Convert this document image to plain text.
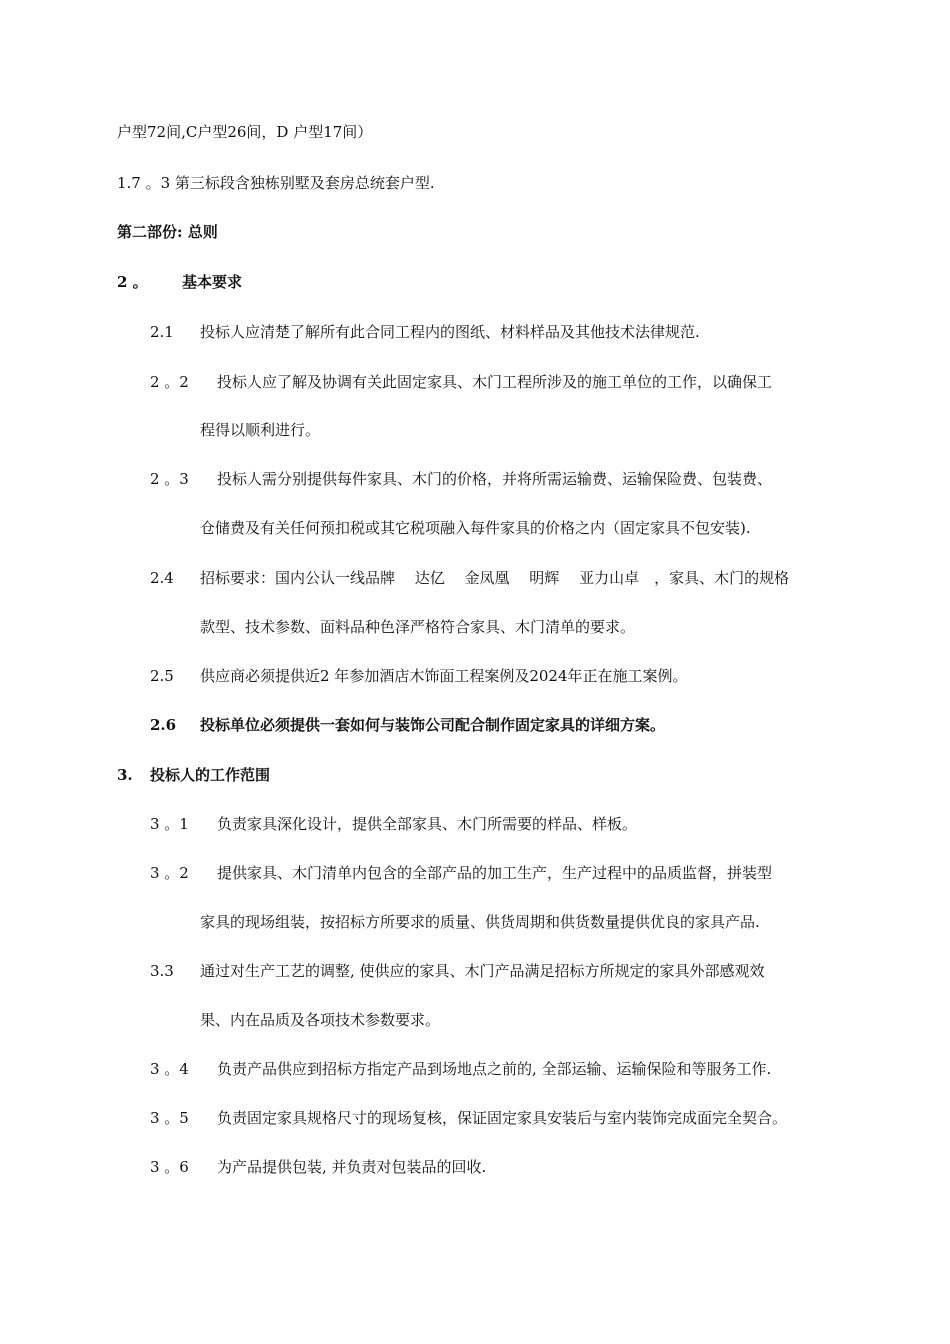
户型72间,C户型26间，D 户型17间）
1.7 。3 第三标段含独栋别墅及套房总统套户型.
第二部份: 总则
2 。 基本要求
2.1 投标人应清楚了解所有此合同工程内的图纸、材料样品及其他技术法律规范.
2 。2 投标人应了解及协调有关此固定家具、木门工程所涉及的施工单位的工作，以确保工
程得以顺利进行。
2 。3 投标人需分别提供每件家具、木门的价格，并将所需运输费、运输保险费、包装费、
仓储费及有关任何预扣税或其它税项融入每件家具的价格之内（固定家具不包安装).
2.4 招标要求：国内公认一线品牌　 达亿　 金凤凰　 明辉　 亚力山卓　，家具、木门的规格
款型、技术参数、面料品种色泽严格符合家具、木门清单的要求。
2.5 供应商必须提供近2 年参加酒店木饰面工程案例及2024年正在施工案例。
2.6 投标单位必须提供一套如何与装饰公司配合制作固定家具的详细方案。
3. 投标人的工作范围
3 。1 负责家具深化设计，提供全部家具、木门所需要的样品、样板。
3 。2 提供家具、木门清单内包含的全部产品的加工生产，生产过程中的品质监督，拼装型
家具的现场组装，按招标方所要求的质量、供货周期和供货数量提供优良的家具产品.
3.3 通过对生产工艺的调整, 使供应的家具、木门产品满足招标方所规定的家具外部感观效
果、内在品质及各项技术参数要求。
3 。4 负责产品供应到招标方指定产品到场地点之前的, 全部运输、运输保险和等服务工作.
3 。5 负责固定家具规格尺寸的现场复核，保证固定家具安装后与室内装饰完成面完全契合。
3 。6 为产品提供包装, 并负责对包装品的回收.
